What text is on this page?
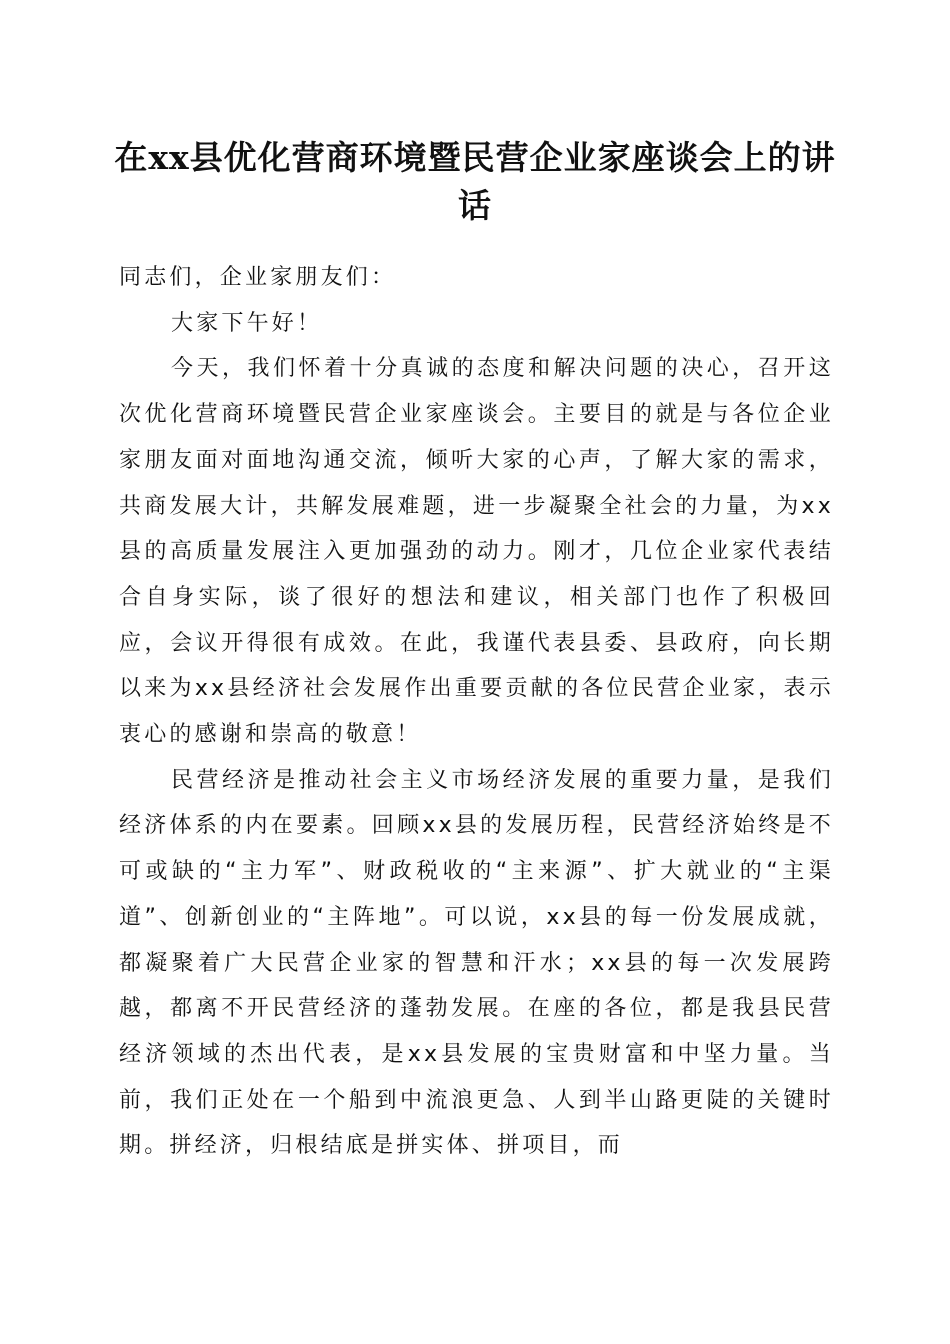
在xx县优化营商环境暨民营企业家座谈会上的讲话

同志们，企业家朋友们：

大家下午好！

今天，我们怀着十分真诚的态度和解决问题的决心，召开这次优化营商环境暨民营企业家座谈会。主要目的就是与各位企业家朋友面对面地沟通交流，倾听大家的心声，了解大家的需求，共商发展大计，共解发展难题，进一步凝聚全社会的力量，为xx县的高质量发展注入更加强劲的动力。刚才，几位企业家代表结合自身实际，谈了很好的想法和建议，相关部门也作了积极回应，会议开得很有成效。在此，我谨代表县委、县政府，向长期以来为xx县经济社会发展作出重要贡献的各位民营企业家，表示衷心的感谢和崇高的敬意！

民营经济是推动社会主义市场经济发展的重要力量，是我们经济体系的内在要素。回顾xx县的发展历程，民营经济始终是不可或缺的“主力军”、财政税收的“主来源”、扩大就业的“主渠道”、创新创业的“主阵地”。可以说，xx县的每一份发展成就，都凝聚着广大民营企业家的智慧和汗水；xx县的每一次发展跨越，都离不开民营经济的蓬勃发展。在座的各位，都是我县民营经济领域的杰出代表，是xx县发展的宝贵财富和中坚力量。当前，我们正处在一个船到中流浪更急、人到半山路更陡的关键时期。拼经济，归根结底是拼实体、拼项目，而
